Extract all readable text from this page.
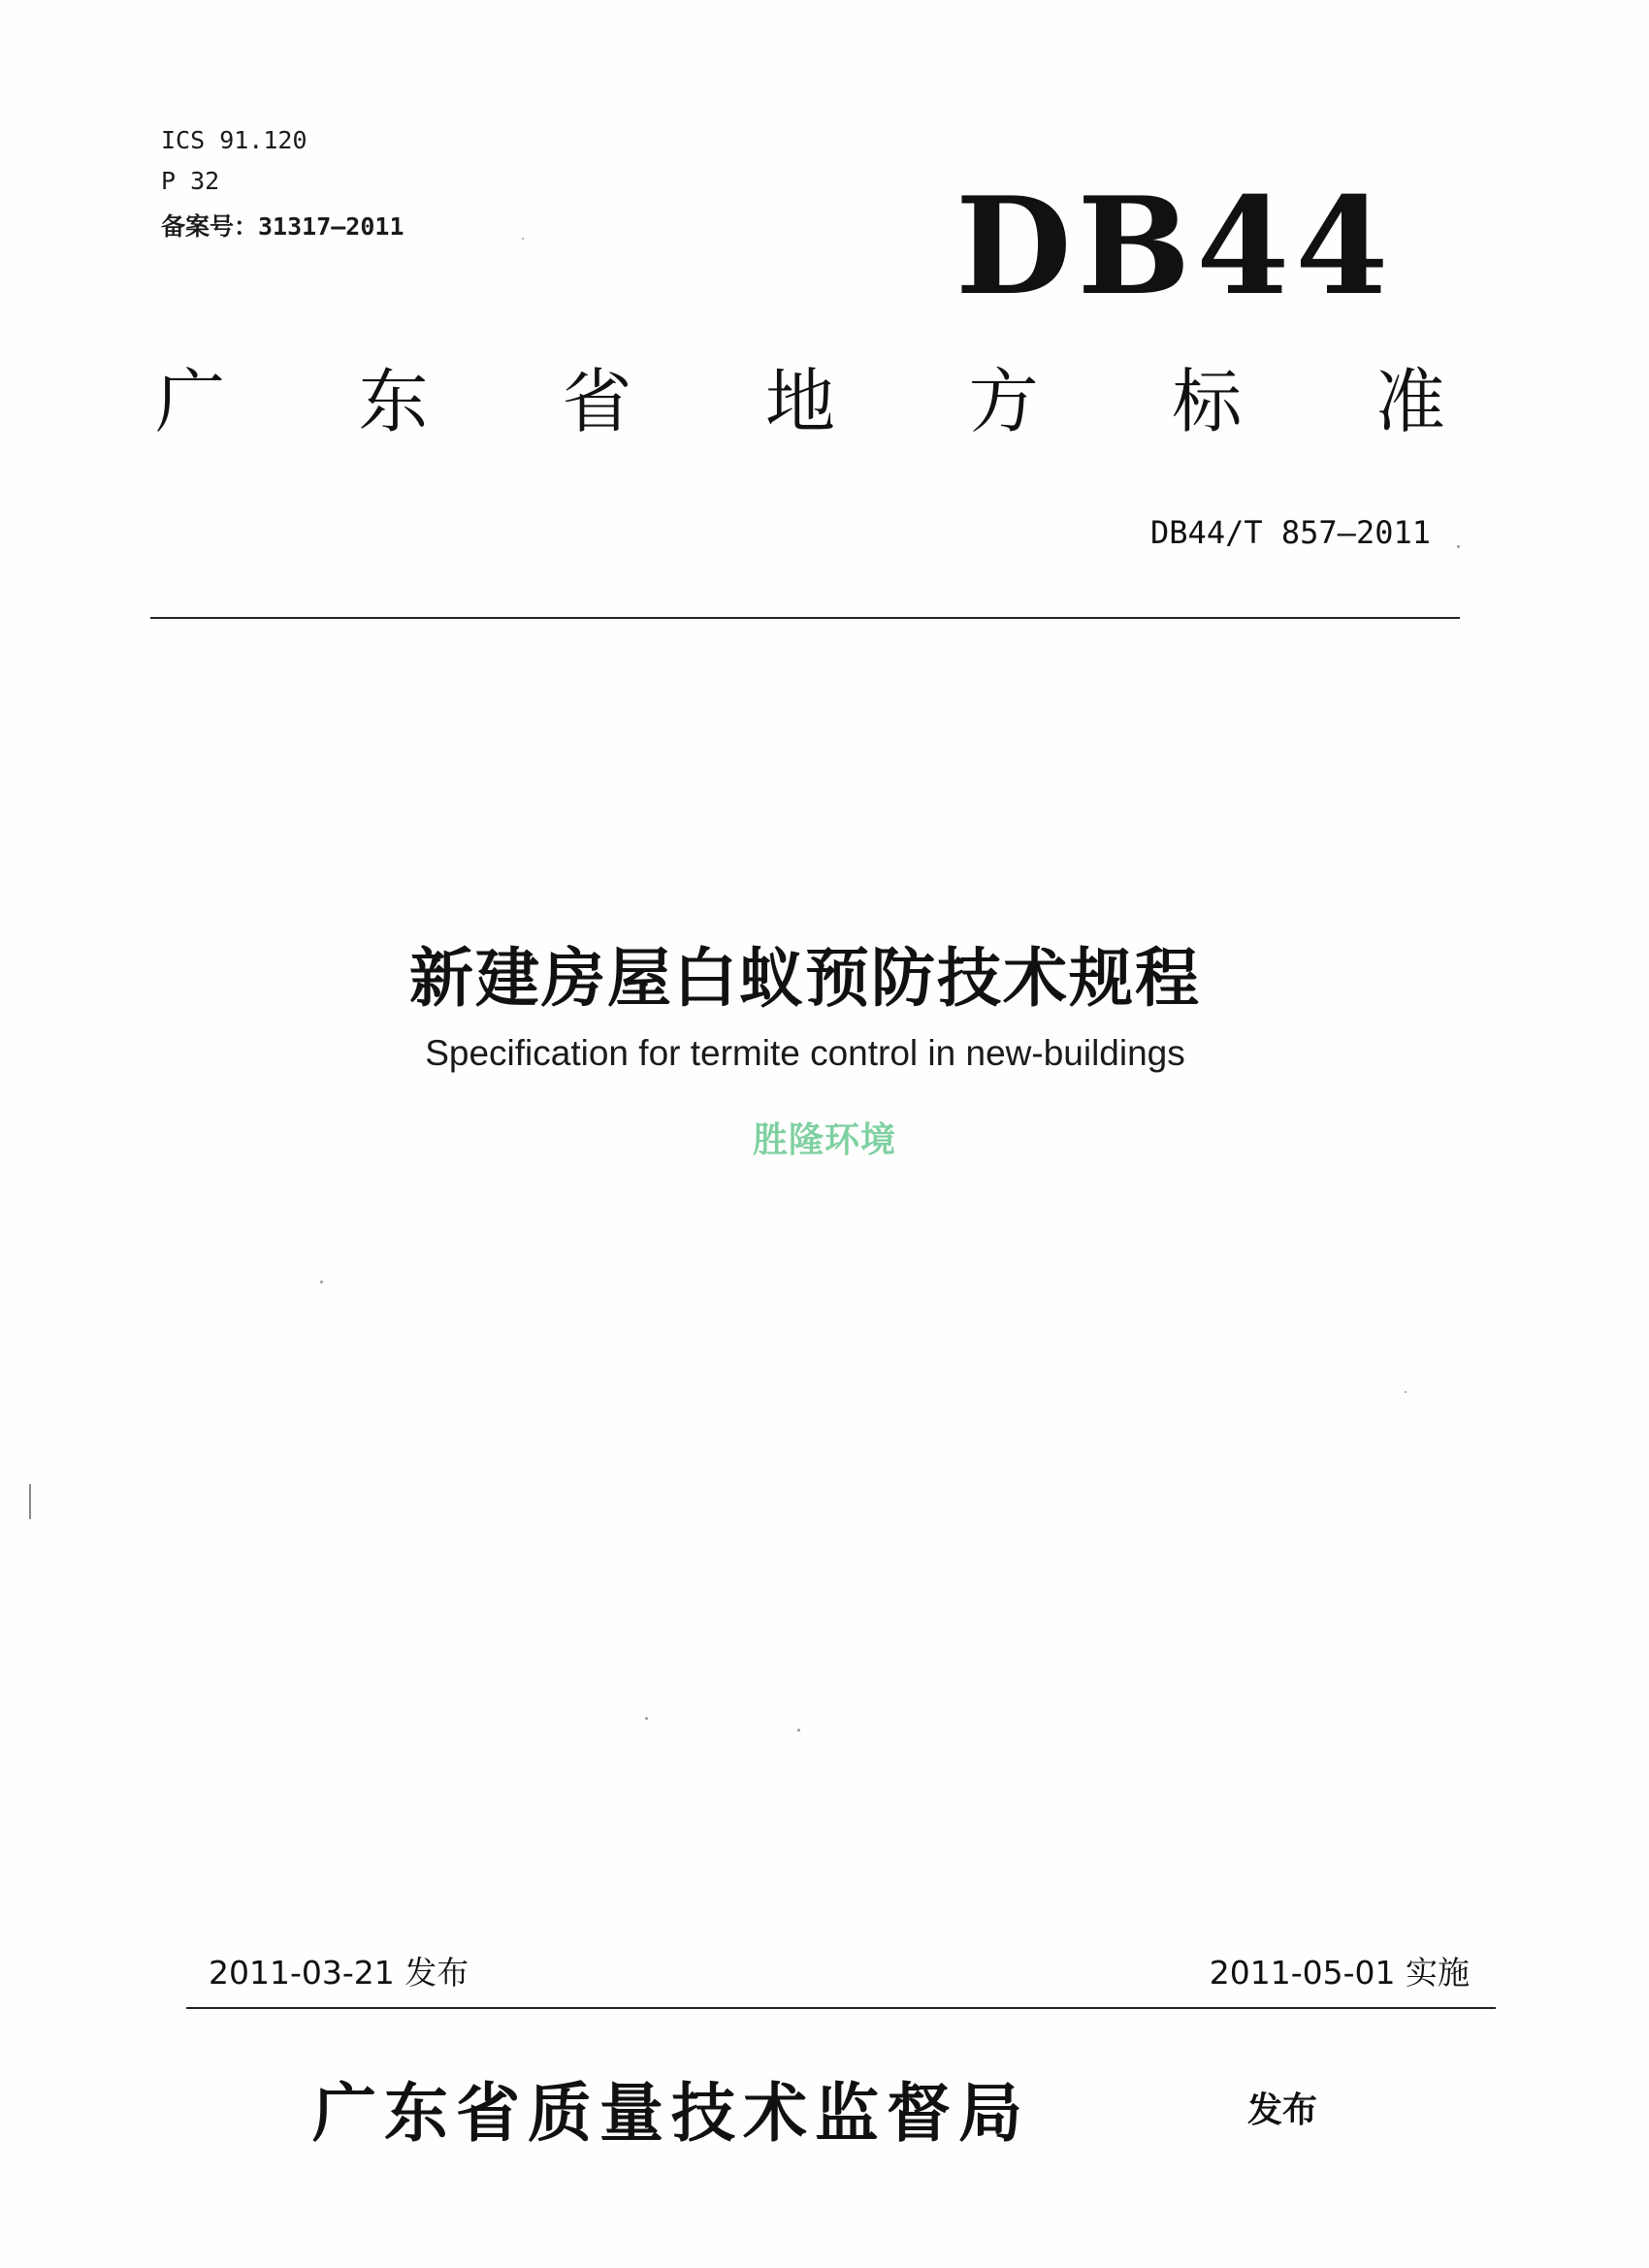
ICS 91.120
P 32
备案号：31317—2011	DB44
广 东 省 地 方 标 准
DB44/T 857—2011
新建房屋白蚁预防技术规程
Specification for termite control in new-buildings
胜隆环境
2011-03-21 发布	2011-05-01 实施
广东省质量技术监督局	发布
